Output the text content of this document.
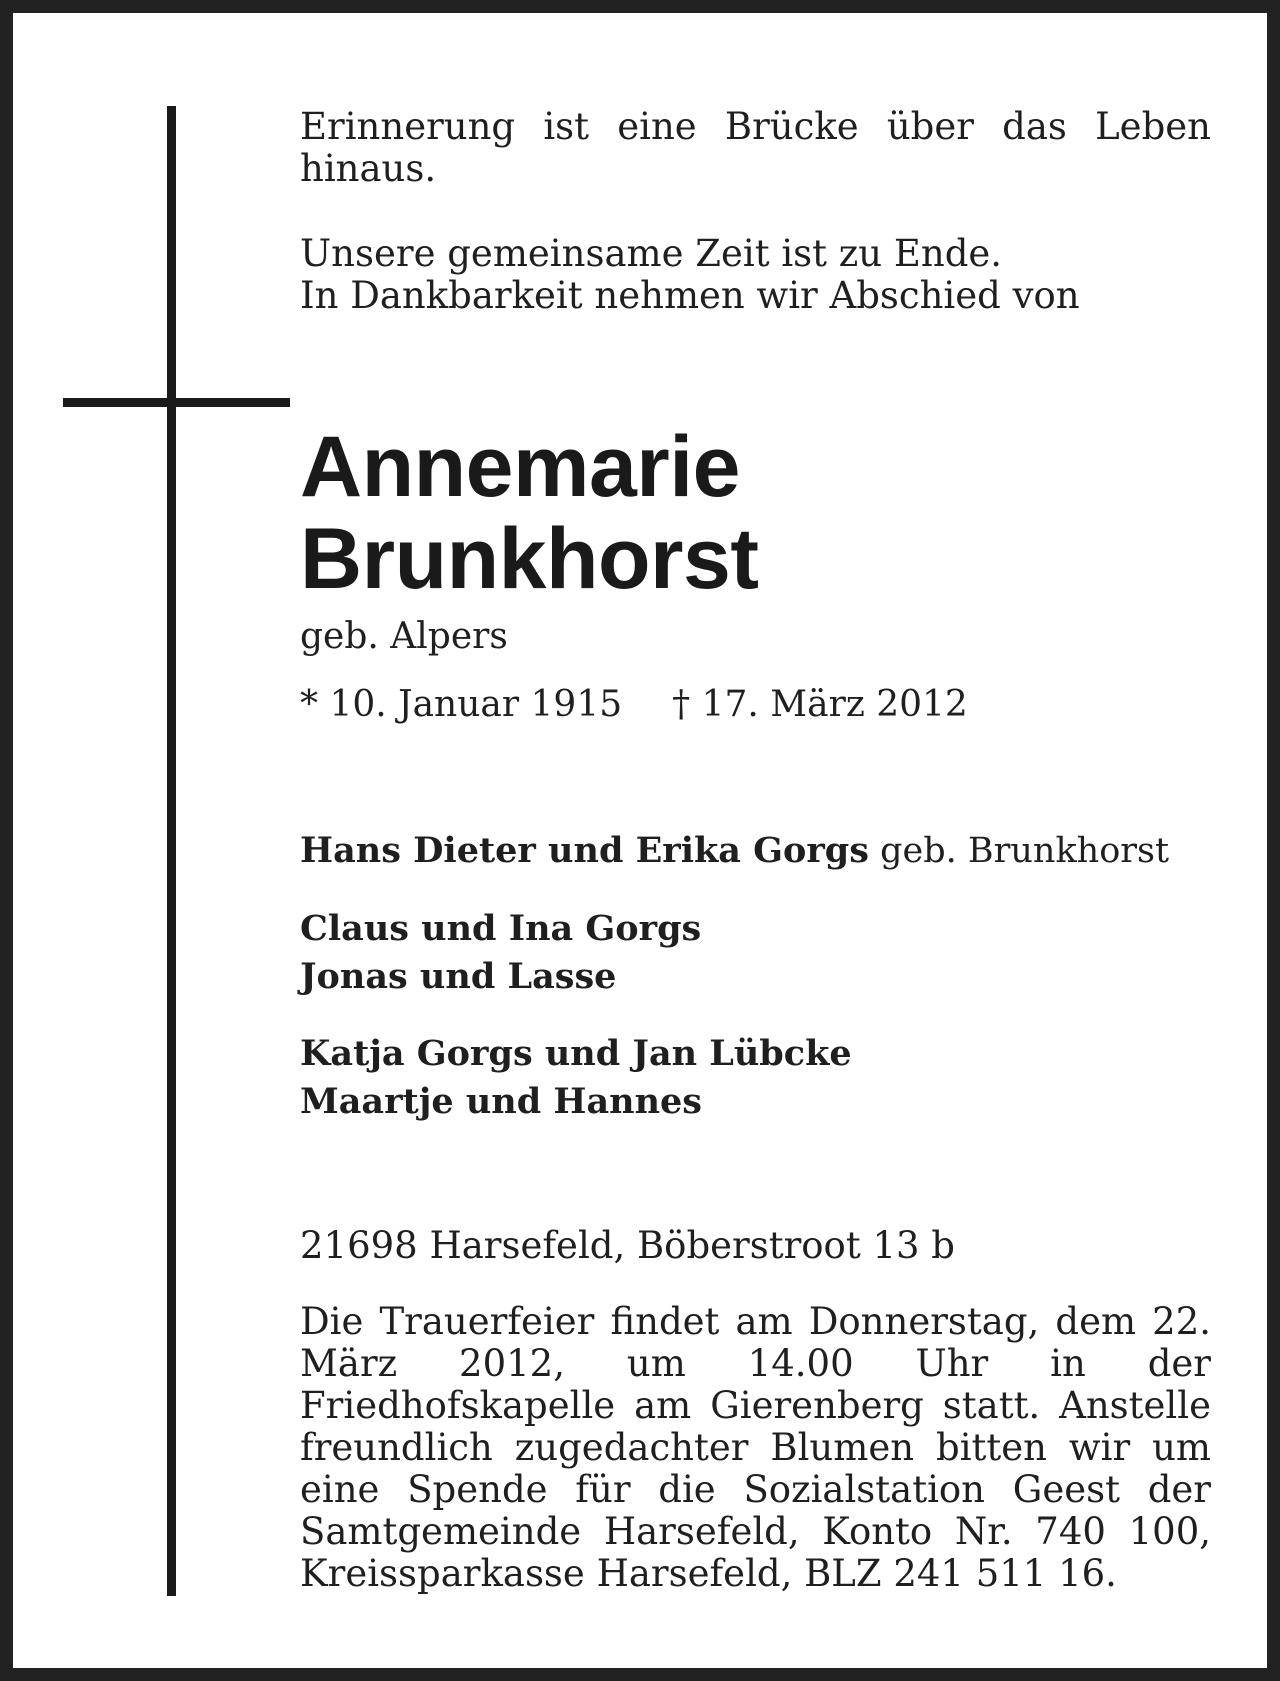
Erinnerung ist eine Brücke über das Leben hinaus.
Unsere gemeinsame Zeit ist zu Ende.
In Dankbarkeit nehmen wir Abschied von
Annemarie
Brunkhorst
geb. Alpers
* 10. Januar 1915 † 17. März 2012
Hans Dieter und Erika Gorgs geb. Brunkhorst
Claus und Ina Gorgs
Jonas und Lasse
Katja Gorgs und Jan Lübcke
Maartje und Hannes
21698 Harsefeld, Böberstroot 13 b
Die Trauerfeier findet am Donnerstag, dem 22. März 2012, um 14.00 Uhr in der Friedhofskapelle am Gierenberg statt. Anstelle freundlich zugedachter Blumen bitten wir um eine Spende für die Sozialstation Geest der Samtgemeinde Harsefeld, Konto Nr. 740 100, Kreissparkasse Harsefeld, BLZ 241 511 16.
